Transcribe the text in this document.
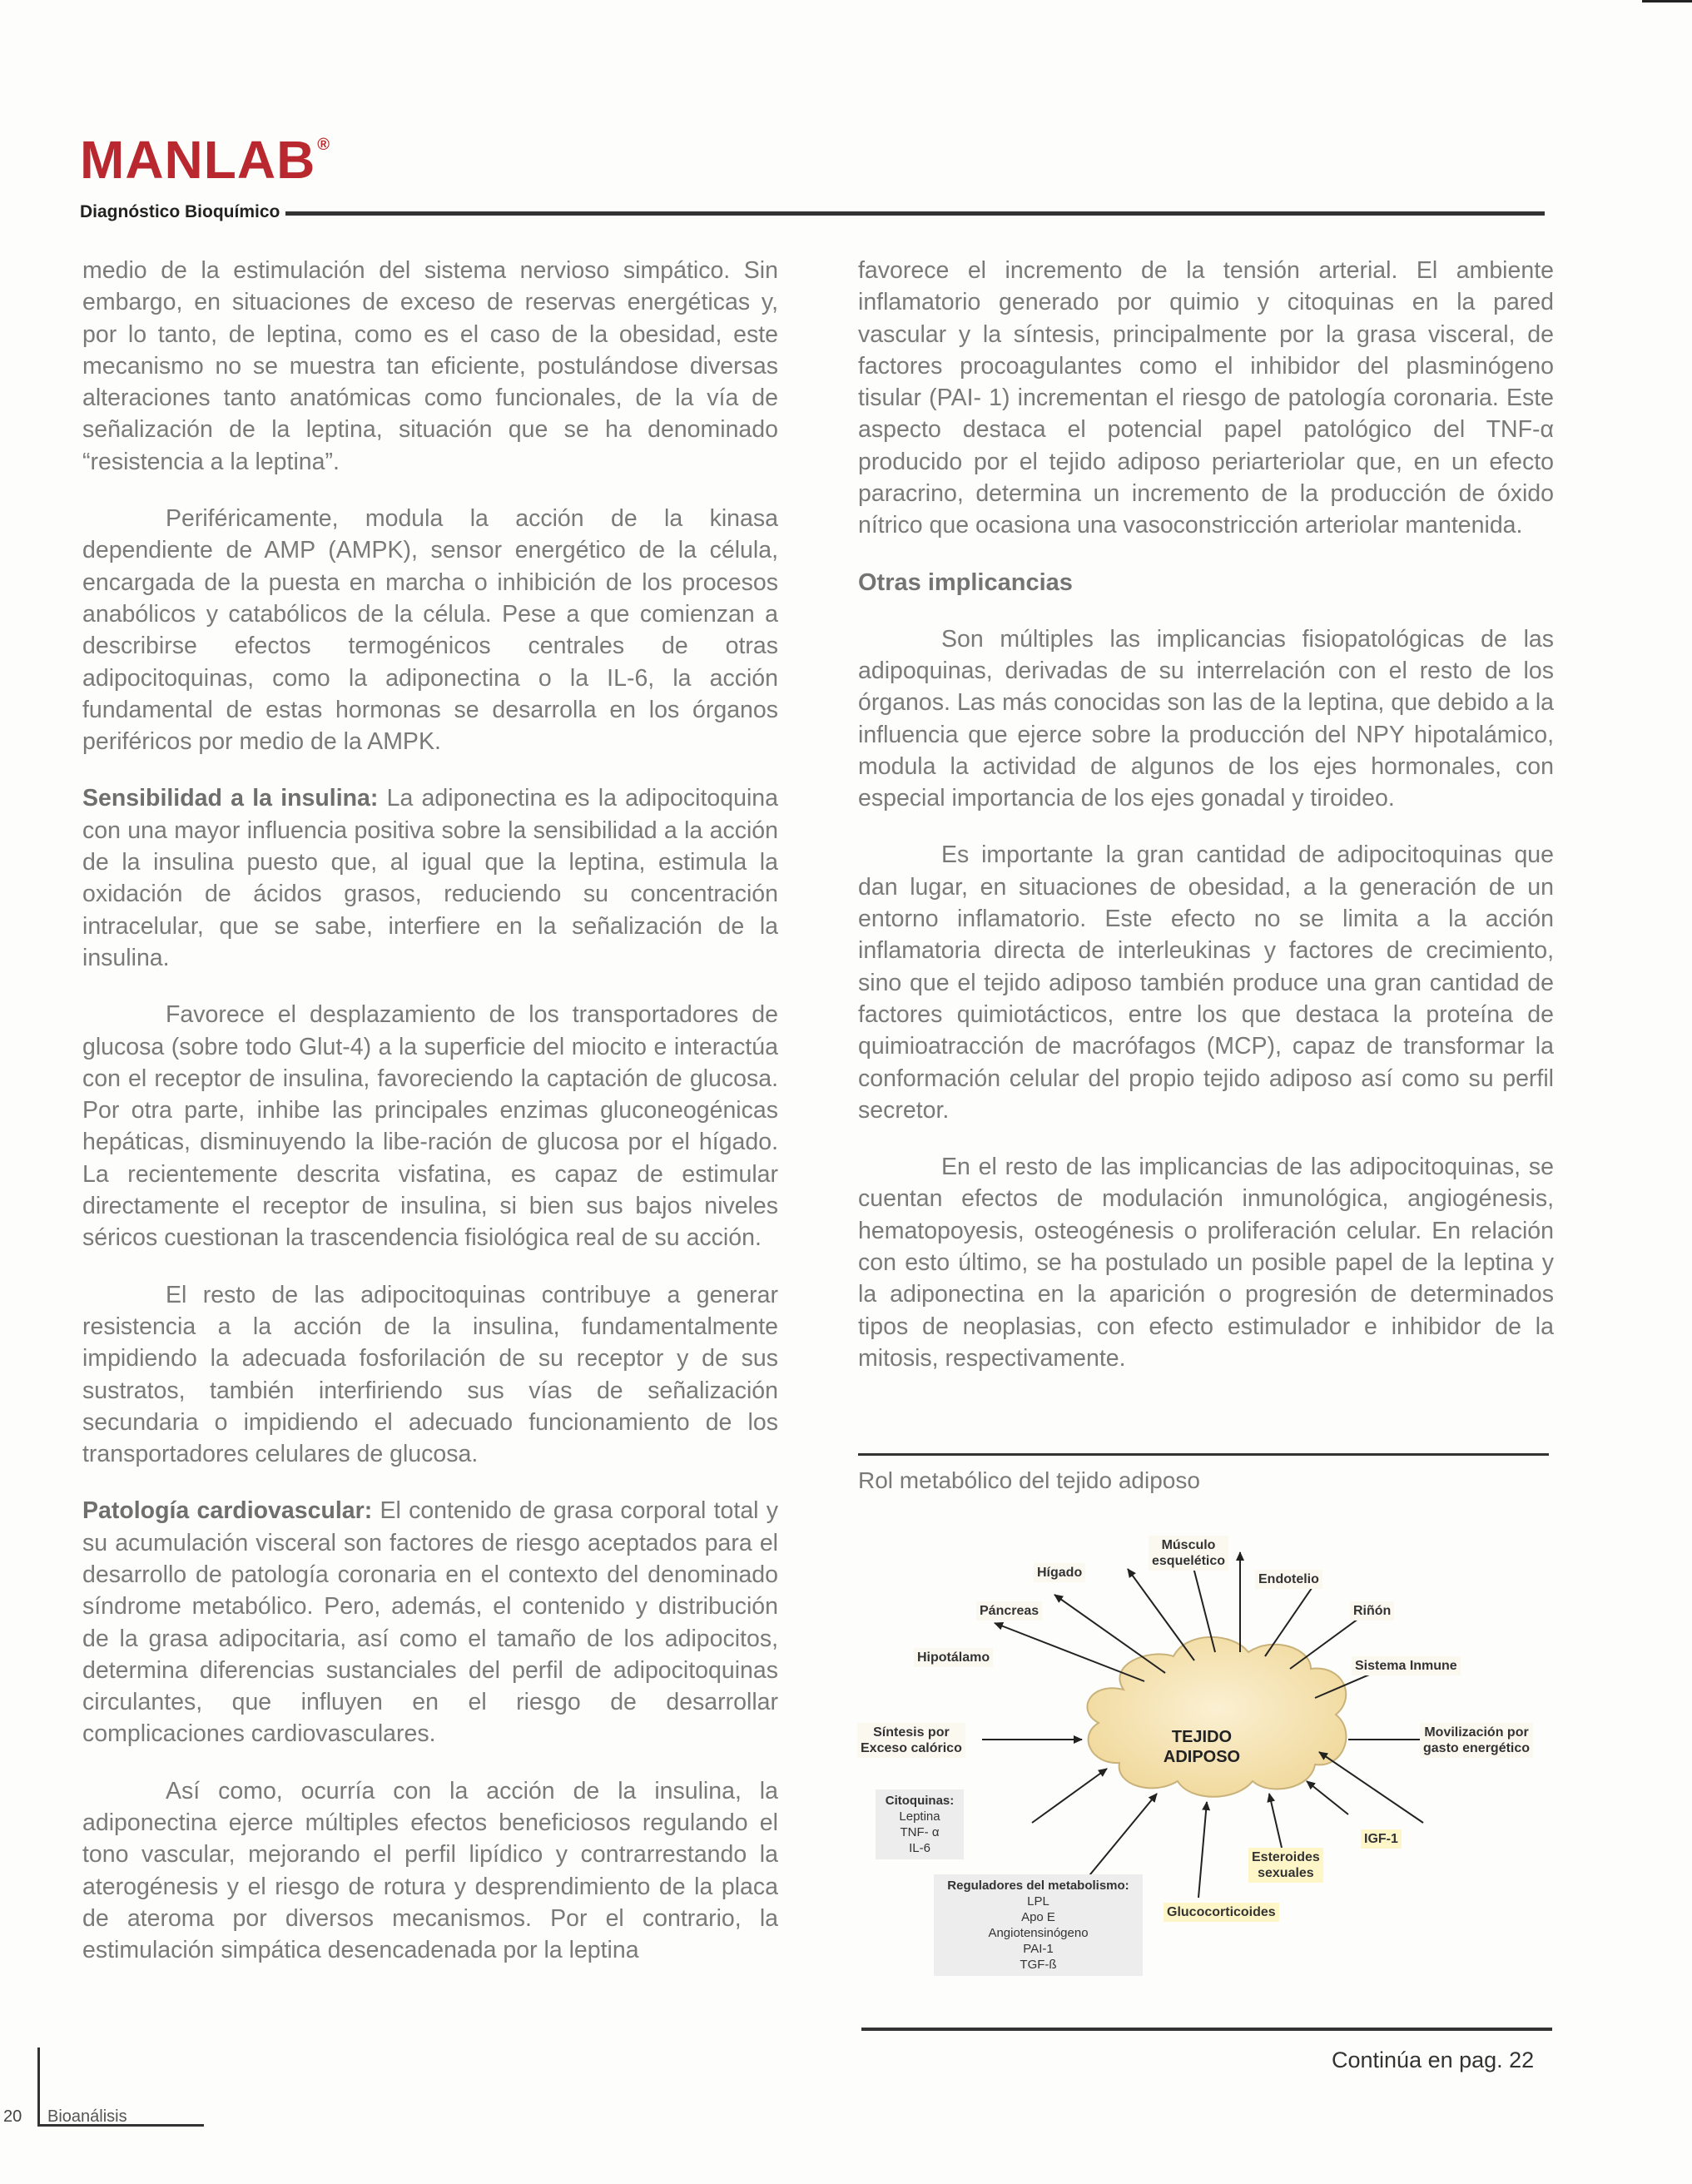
MANLAB ®
Diagnóstico Bioquímico

medio de la estimulación del sistema nervioso simpático. Sin embargo, en situaciones de exceso de reservas energéticas y, por lo tanto, de leptina, como es el caso de la obesidad, este mecanismo no se muestra tan eficiente, postulándose diversas alteraciones tanto anatómicas como funcionales, de la vía de señalización de la leptina, situación que se ha denominado “resistencia a la leptina”.

Periféricamente, modula la acción de la kinasa dependiente de AMP (AMPK), sensor energético de la célula, encargada de la puesta en marcha o inhibición de los procesos anabólicos y catabólicos de la célula. Pese a que comienzan a describirse efectos termogénicos centrales de otras adipocitoquinas, como la adiponectina o la IL-6, la acción fundamental de estas hormonas se desarrolla en los órganos periféricos por medio de la AMPK.

Sensibilidad a la insulina: La adiponectina es la adipocitoquina con una mayor influencia positiva sobre la sensibilidad a la acción de la insulina puesto que, al igual que la leptina, estimula la oxidación de ácidos grasos, reduciendo su concentración intracelular, que se sabe, interfiere en la señalización de la insulina.

Favorece el desplazamiento de los transportadores de glucosa (sobre todo Glut-4) a la superficie del miocito e interactúa con el receptor de insulina, favoreciendo la captación de glucosa. Por otra parte, inhibe las principales enzimas gluconeogénicas hepáticas, disminuyendo la libe-ración de glucosa por el hígado. La recientemente descrita visfatina, es capaz de estimular directamente el receptor de insulina, si bien sus bajos niveles séricos cuestionan la trascendencia fisiológica real de su acción.

El resto de las adipocitoquinas contribuye a generar resistencia a la acción de la insulina, fundamentalmente impidiendo la adecuada fosforilación de su receptor y de sus sustratos, también interfiriendo sus vías de señalización secundaria o impidiendo el adecuado funcionamiento de los transportadores celulares de glucosa.

Patología cardiovascular: El contenido de grasa corporal total y su acumulación visceral son factores de riesgo aceptados para el desarrollo de patología coronaria en el contexto del denominado síndrome metabólico. Pero, además, el contenido y distribución de la grasa adipocitaria, así como el tamaño de los adipocitos, determina diferencias sustanciales del perfil de adipocitoquinas circulantes, que influyen en el riesgo de desarrollar complicaciones cardiovasculares.

Así como, ocurría con la acción de la insulina, la adiponectina ejerce múltiples efectos beneficiosos regulando el tono vascular, mejorando el perfil lipídico y contrarrestando la aterogénesis y el riesgo de rotura y desprendimiento de la placa de ateroma por diversos mecanismos. Por el contrario, la estimulación simpática desencadenada por la leptina

favorece el incremento de la tensión arterial. El ambiente inflamatorio generado por quimio y citoquinas en la pared vascular y la síntesis, principalmente por la grasa visceral, de factores procoagulantes como el inhibidor del plasminógeno tisular (PAI- 1) incrementan el riesgo de patología coronaria. Este aspecto destaca el potencial papel patológico del TNF-α producido por el tejido adiposo periarteriolar que, en un efecto paracrino, determina un incremento de la producción de óxido nítrico que ocasiona una vasoconstricción arteriolar mantenida.

Otras implicancias

Son múltiples las implicancias fisiopatológicas de las adipoquinas, derivadas de su interrelación con el resto de los órganos. Las más conocidas son las de la leptina, que debido a la influencia que ejerce sobre la producción del NPY hipotalámico, modula la actividad de algunos de los ejes hormonales, con especial importancia de los ejes gonadal y tiroideo.

Es importante la gran cantidad de adipocitoquinas que dan lugar, en situaciones de obesidad, a la generación de un entorno inflamatorio. Este efecto no se limita a la acción inflamatoria directa de interleukinas y factores de crecimiento, sino que el tejido adiposo también produce una gran cantidad de factores quimiotácticos, entre los que destaca la proteína de quimioatracción de macrófagos (MCP), capaz de transformar la conformación celular del propio tejido adiposo así como su perfil secretor.

En el resto de las implicancias de las adipocitoquinas, se cuentan efectos de modulación inmunológica, angiogénesis, hematopoyesis, osteogénesis o proliferación celular. En relación con esto último, se ha postulado un posible papel de la leptina y la adiponectina en la aparición o progresión de determinados tipos de neoplasias, con efecto estimulador e inhibidor de la mitosis, respectivamente.

Rol metabólico del tejido adiposo
TEJIDO
ADIPOSO
Músculo
esquelético
Hígado	Endotelio
Páncreas	Riñón
Hipotálamo
Sistema Inmune
Síntesis por
Exceso calórico
Movilización por
gasto energético
Citoquinas:
Leptina
TNF- α
IL-6
IGF-1
Esteroides
sexuales
Reguladores del metabolismo:
LPL
Apo E
Angiotensinógeno
PAI-1
TGF-ß
Glucocorticoides
Continúa en pag. 22
20 Bioanálisis
